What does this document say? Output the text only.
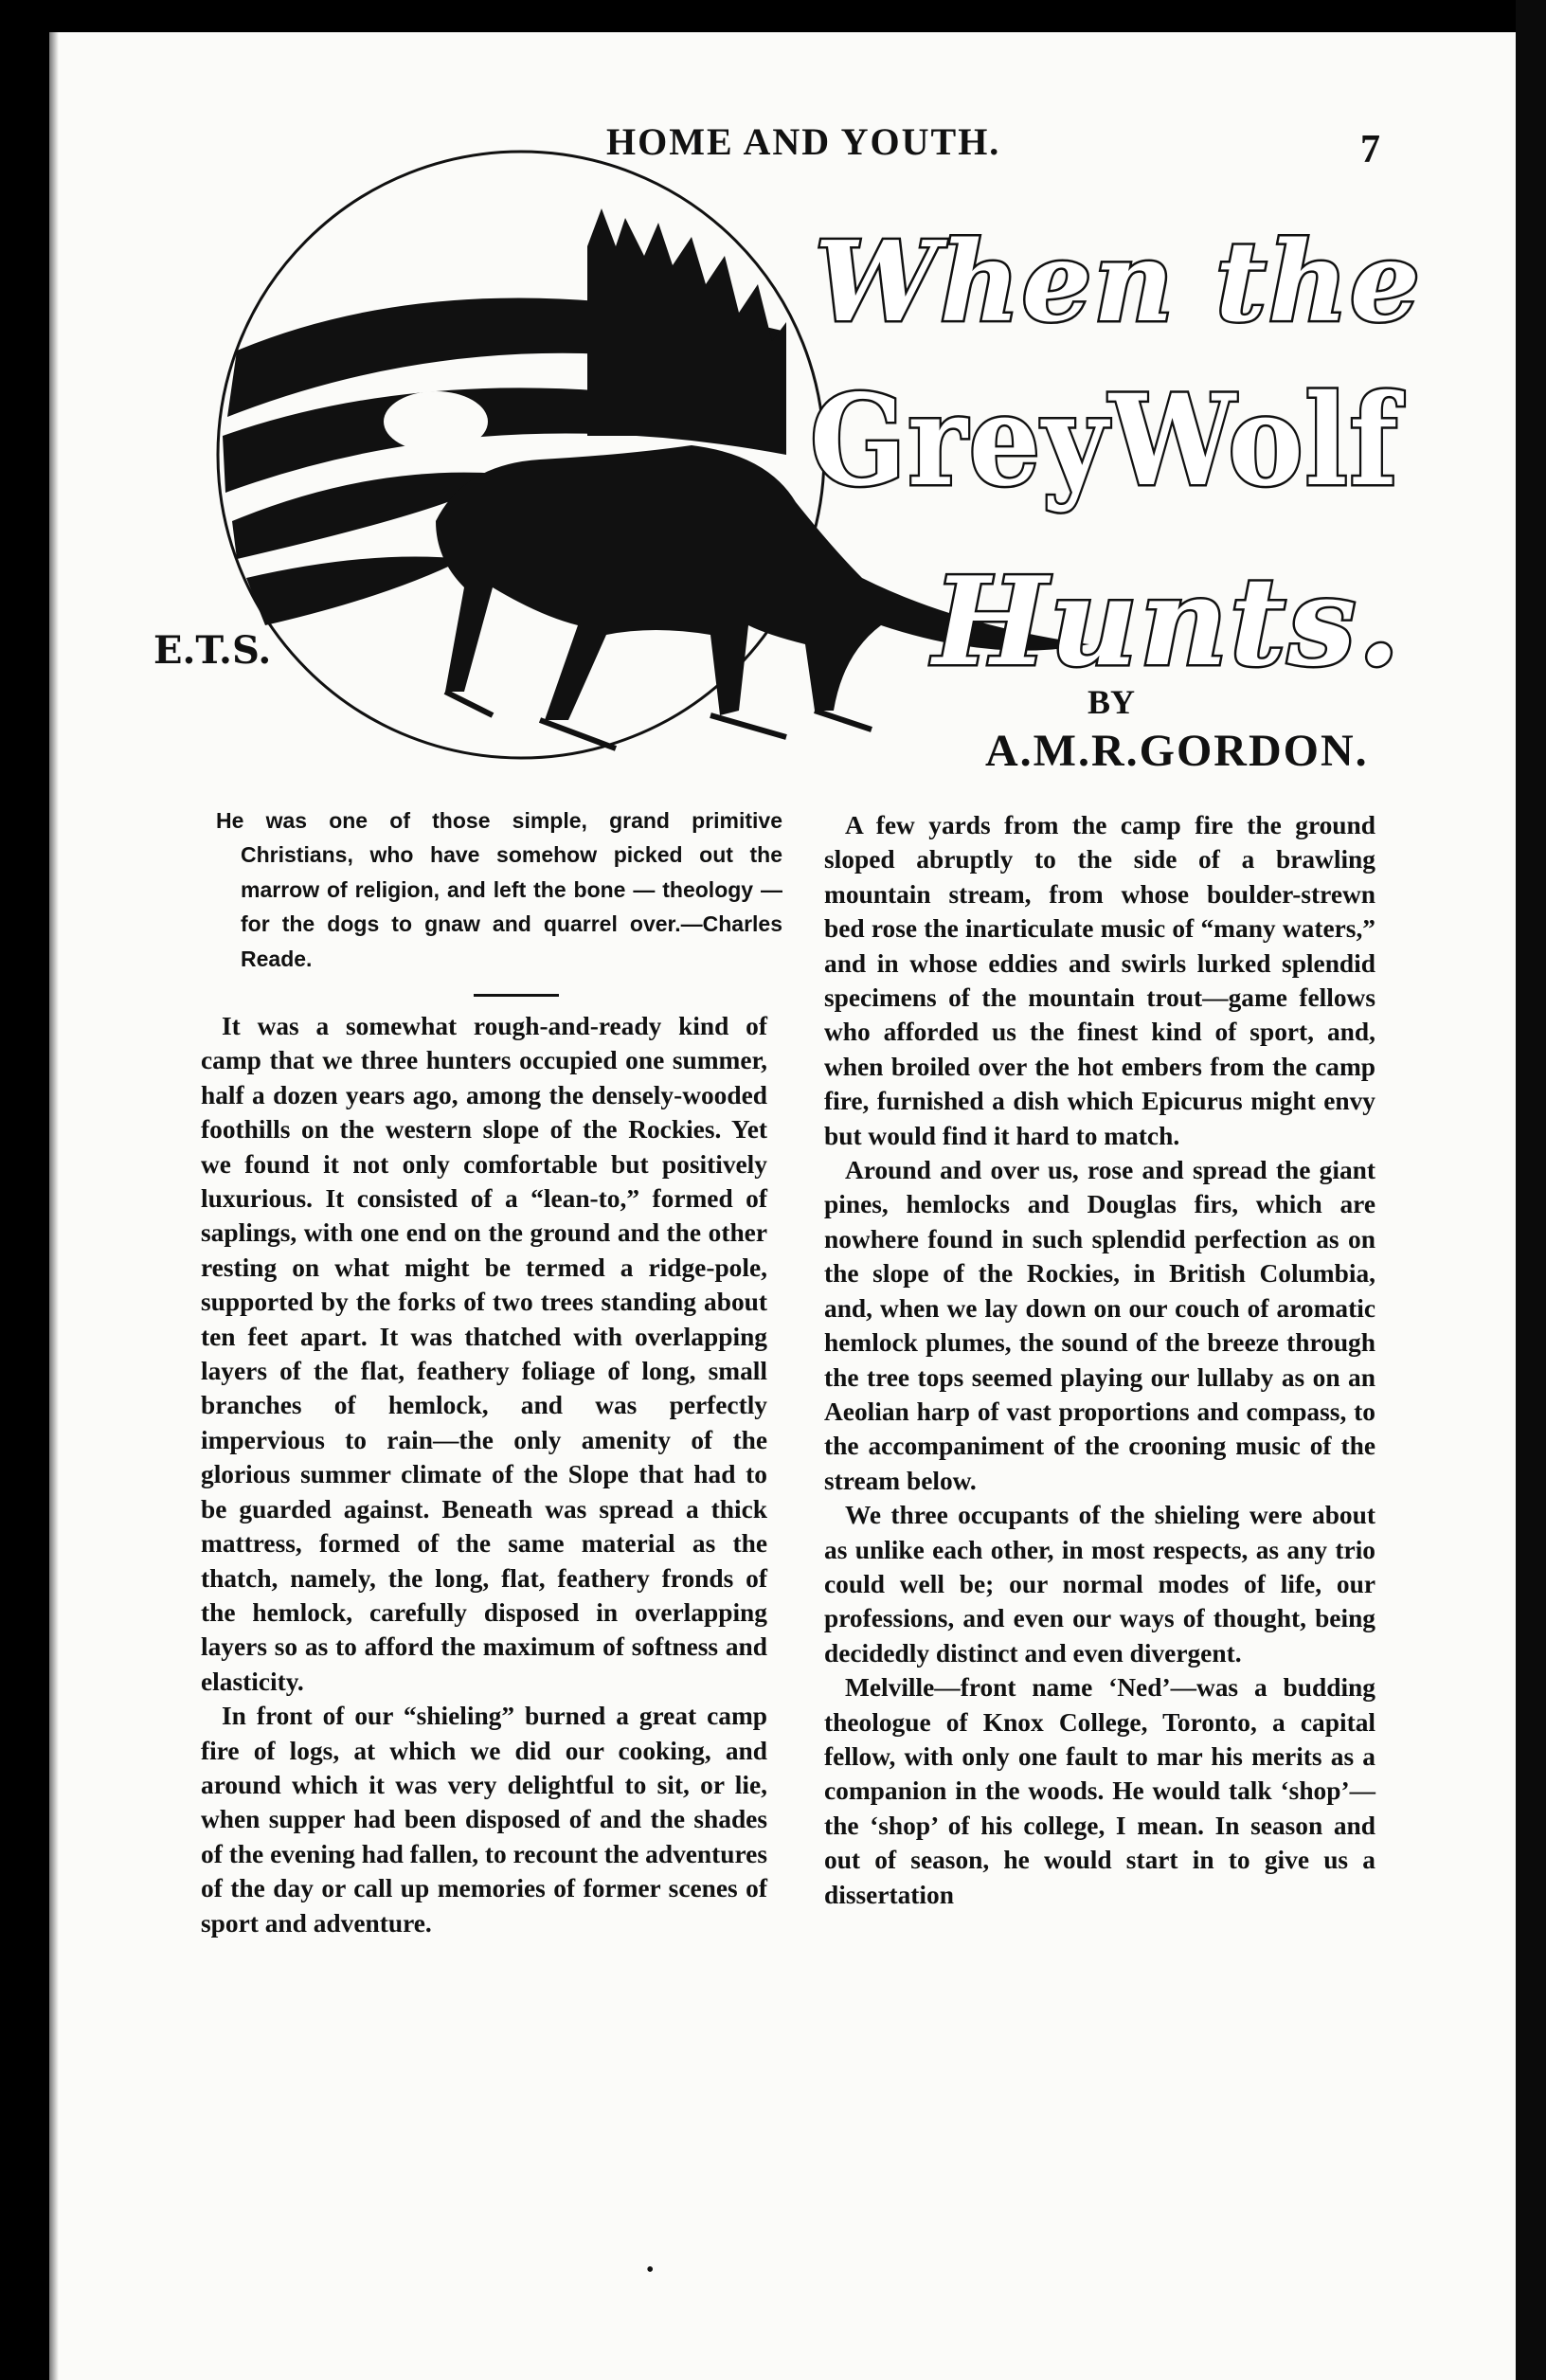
HOME AND YOUTH.	7
E.T.S.
When the
GreyWolf
Hunts.
BY
A.M.R.GORDON.

He was one of those simple, grand primitive Christians, who have somehow picked out the marrow of religion, and left the bone — theology — for the dogs to gnaw and quarrel over.—Charles Reade.

It was a somewhat rough-and-ready kind of camp that we three hunters occupied one summer, half a dozen years ago, among the densely-wooded foothills on the western slope of the Rockies. Yet we found it not only comfortable but positively luxurious. It consisted of a “lean-to,” formed of saplings, with one end on the ground and the other resting on what might be termed a ridge-pole, supported by the forks of two trees standing about ten feet apart. It was thatched with overlapping layers of the flat, feathery foliage of long, small branches of hemlock, and was perfectly impervious to rain—the only amenity of the glorious summer climate of the Slope that had to be guarded against. Beneath was spread a thick mattress, formed of the same material as the thatch, namely, the long, flat, feathery fronds of the hemlock, carefully disposed in overlapping layers so as to afford the maximum of softness and elasticity.

In front of our “shieling” burned a great camp fire of logs, at which we did our cooking, and around which it was very delightful to sit, or lie, when supper had been disposed of and the shades of the evening had fallen, to recount the adventures of the day or call up memories of former scenes of sport and adventure.

A few yards from the camp fire the ground sloped abruptly to the side of a brawling mountain stream, from whose boulder-strewn bed rose the inarticulate music of “many waters,” and in whose eddies and swirls lurked splendid specimens of the mountain trout—game fellows who afforded us the finest kind of sport, and, when broiled over the hot embers from the camp fire, furnished a dish which Epicurus might envy but would find it hard to match.

Around and over us, rose and spread the giant pines, hemlocks and Douglas firs, which are nowhere found in such splendid perfection as on the slope of the Rockies, in British Columbia, and, when we lay down on our couch of aromatic hemlock plumes, the sound of the breeze through the tree tops seemed playing our lullaby as on an Aeolian harp of vast proportions and compass, to the accompaniment of the crooning music of the stream below.

We three occupants of the shieling were about as unlike each other, in most respects, as any trio could well be; our normal modes of life, our professions, and even our ways of thought, being decidedly distinct and even divergent.

Melville—front name ‘Ned’—was a budding theologue of Knox College, Toronto, a capital fellow, with only one fault to mar his merits as a companion in the woods. He would talk ‘shop’—the ‘shop’ of his college, I mean. In season and out of season, he would start in to give us a dissertation

•
